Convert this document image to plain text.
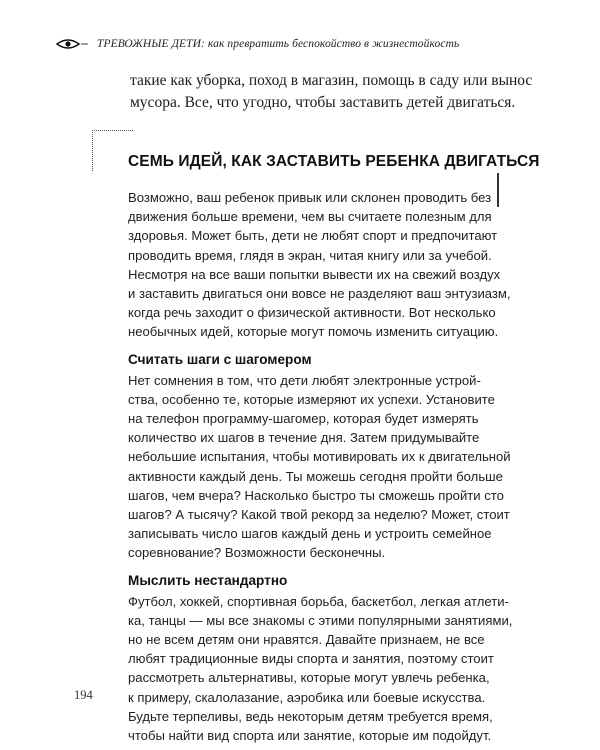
ТРЕВОЖНЫЕ ДЕТИ: как превратить беспокойство в жизнестойкость

такие как уборка, поход в магазин, помощь в саду или вынос

мусора. Все, что угодно, чтобы заставить детей двигаться.

СЕМЬ ИДЕЙ, КАК ЗАСТАВИТЬ РЕБЕНКА ДВИГАТЬСЯ

Возможно, ваш ребенок привык или склонен проводить без
движения больше времени, чем вы считаете полезным для
здоровья. Может быть, дети не любят спорт и предпочитают
проводить время, глядя в экран, читая книгу или за учебой.
Несмотря на все ваши попытки вывести их на свежий воздух
и заставить двигаться они вовсе не разделяют ваш энтузиазм,
когда речь заходит о физической активности. Вот несколько
необычных идей, которые могут помочь изменить ситуацию.

Считать шаги с шагомером

Нет сомнения в том, что дети любят электронные устрой-
ства, особенно те, которые измеряют их успехи. Установите
на телефон программу-шагомер, которая будет измерять
количество их шагов в течение дня. Затем придумывайте
небольшие испытания, чтобы мотивировать их к двигательной
активности каждый день. Ты можешь сегодня пройти больше
шагов, чем вчера? Насколько быстро ты сможешь пройти сто
шагов? А тысячу? Какой твой рекорд за неделю? Может, стоит
записывать число шагов каждый день и устроить семейное
соревнование? Возможности бесконечны.

Мыслить нестандартно

Футбол, хоккей, спортивная борьба, баскетбол, легкая атлети-
ка, танцы — мы все знакомы с этими популярными занятиями,
но не всем детям они нравятся. Давайте признаем, не все
любят традиционные виды спорта и занятия, поэтому стоит
рассмотреть альтернативы, которые могут увлечь ребенка,
к примеру, скалолазание, аэробика или боевые искусства.
Будьте терпеливы, ведь некоторым детям требуется время,
чтобы найти вид спорта или занятие, которые им подойдут.

194
